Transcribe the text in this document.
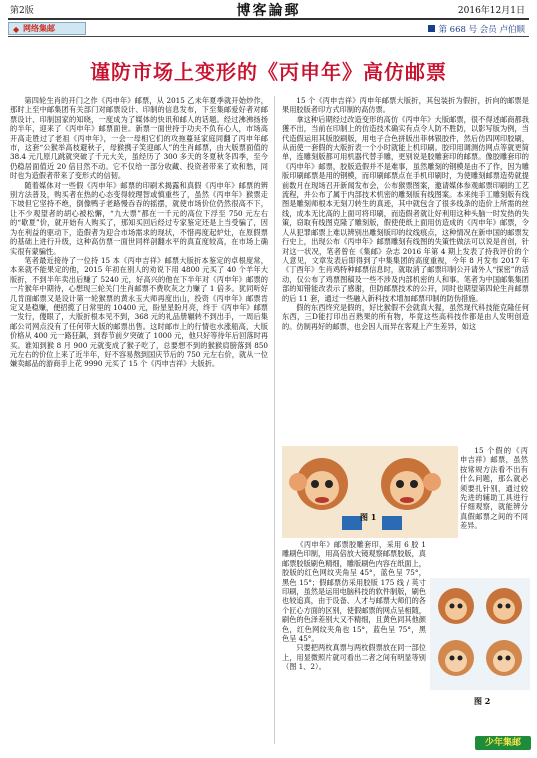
第2版	博客論郵	2016年12月1日
◆ 网络集邮	第 668 号 会员 卢伯顺
谨防市场上变形的《丙申年》高仿邮票

第四轮生肖的开门之作《丙申年》邮票，从 2015 乙未年夏季就开始炒作，那时上至中邮集团有关部门对邮票设计、印制的信息发布，下至集邮爱好者对邮票设计、印制国家的知晓，一度成为了媒体的快讯和邮人的话题。经过沸沸扬扬的半年，迎来了《丙申年》邮票面世。新票一面世持于功夫不负有心人，市场高开高走胜过了老祖《丙申年》，一会一母相它们的攻拖蔓延家庭同翻了丙申年邮市，这套“公猴举高枝避秋子，母猴携子笑迎邮人”的生肖邮票，由大版票面值的 38.4 元几原几跳就突破了千元大关，虽经历了 300 多天的冬夏秋冬四季，至今仍稳居面值近 20 倍目然不动。它不仅给一部分收藏、投资者带来了欢和愁，同时也为造假者带来了变形式的信韧。

随着媒体对一些假《丙申年》邮票的印刷术揭露和真假《丙申年》邮票的辨别方法普及，购买者在热的心态变得较理智或慎重些了，虽然《丙申年》猴票走下坡但它坚持不绝，倒像鸭子老路慢吞吞的摇摆，就使市场价位仍然很高不下，让不少观望者的胡心被松懈，“九大票”都在一千元的高位下浮至 750 元左右的“歇夏”价，就开始有人购买了，那知买回后经过专家鉴定还是上当受骗了，因为在利益的驱动下，造假者为迎合市场需求的现状，不惜再度起炉灶，在原假票的基础上进行升级，这种高仿票一面世同样剖翻水平的真直度较高，在市场上确实很有蒙骗性。

笔者最近接待了一位持 15 本《丙申吉祥》邮票大版折本鉴定的卓根度常，本来就不能果定的他，2015 年初在别人的劝说下用 4800 元买了 40 个羊年大版折，不到半年卖出后赚了 5240 元，好高兴的他在下半年对《丙申年》邮票的一片猴年中期待，心想现三轮关门生肖邮票不费吹灰之力赚了 1 倍多。犹同听好几肯面邮票又是设计第一轮猴票的黄永玉大师再度出山，投资《丙申年》邮票肯定又是稳赚，便招揽了日常里的 10400 元，盼星星盼月亮，终于《丙申年》邮票一发行，傻眼了，大版折根本见不到，368 元的礼品册辗转不到出手，一周后集邮公司网点没有了任何带大版的邮票出售。这时邮市上的行情也水涨船高，大版价格从 400 元一路狂飙，到春节前夕突破了 1000 元，他只好等待年后回落时再买。谁知到猴 8 月 900 元就变成了猴子吃了，总要想不到的猴猴肩膀落到 850 元左右的价位上来了近半年，好不容易熬到国庆节后的 750 元左右价，就从一位嫌卖邮品的游商手上花 9990 元买了 15 个《丙申吉祥》大版折。

15 个《丙申吉祥》丙申年邮票大版折，其包装折为假折，折向的邮票是果用胶版者印方式印制的高仿票。

拿这种后期经过改造变形的高仿《丙申年》大版邮票，很不得述邮商都我獲不出，当前在印制上的仿造技术确实有点令人防不胜防，以影写版为例，当代造假运用其版胶刷版，用电子合色拼版出菲林银胶件，然后仿四网印胶刷，从而使一套假的大版折表一个小时就能上机印刷。胶印用调测仿网点等就更简单，连雕刻版都可用机器代替手雕，更别说是胶雕套印的邮票。像胶雕套印的《丙申年》邮票，胶版造假并不是难事，虽然雕刻的钢模是由不了作，因为雕版印刷邮票是用的钢模，而印刷邮票点在手机印刷时，为使雕刻邮票造势就提前数月在现场召开新闻发布会，公布猴票图案，邀请媒体参观邮票印刷的工艺流程，并公布了属于内部技术机密的雕刻版有线图案。本来纯手工雕刻版有线图是雕刻师根本无刻刀转生的真迹，其中就包含了很多线条的造价上所需的丝线，成本无比高的上面可将印刷，而造假者就让好利用这种头脑一时发热的失策，窃取有线图克隆了雕刻版，假使使纸上面用仿造成的《丙申年》邮票，令人从犯罪邮票上难以辨别出雕刻版印的纹线痕点，这种情况在新申国的邮票发行史上，出现公布《丙申年》邮票雕刻有线图的失策性做法可以说是首创，针对这一状况，笔者曾在《集邮》杂志 2016 年第 4 期上发表了持我评价的个人意见，文章发表后即得到了中集集团的高度重视，今年 8 月发布 2017 年《丁酉年》生肖鸡特种邮票信息时，就取消了邮票印制公开请外人“探密”的活动，仅公布了鸡票图稿及一些不涉及内部机密的人和事。笔者为中国邮集集团部的知错能改表示了感谢，但防邮票技术的公开，同时也期望第四轮生肖邮票的后 11 套，通过一些融入新科技术增加邮票印制的防伪措施。

假的东西终究是假的，好比猴假不会就真大猩，虽然现代科技能克隆任何东西，三D能打印出百熟果的所有物，毕竟这些高科技作都是由人发明创造的。仿制再好的邮票，也会因人而异在客观上产生差异，如这

图 1

15 个假的《丙申吉祥》邮票，虽然按常规方法看不出有什么问题，那么就必须要扎针别，通过较先进的辅助工具进行仔细观察，就能辨分真假邮票之间的不同差异。

《丙申年》邮票胶雕套印，采用 6 胶 1 雕刷色印制，用高倍放大镜观察邮票胶版，真邮票胶版刷色精细，雕版刷色内容在纸面上，胶版的红色网纹夹角呈 45°，蓝色呈 75°，黑色 15°；假邮票仿采用胶版 175 线 / 英寸印刷，虽然是运用电脑科技的软件制版，刷色也较追真，由于设备、人才与邮票大师们的各个匠心方面的区别，使假邮票的网点呈相随，刷色的色泽差别大又不精细，且黄色同其他颜色，红色网纹夹角也 15°，蓝色呈 75°，黑色呈 45°。

只要把两枚真票与两枚假票放在同一部位上，用显微照片就可看出二者之间有明显等别（图 1、2）。

图 2
少年集邮
